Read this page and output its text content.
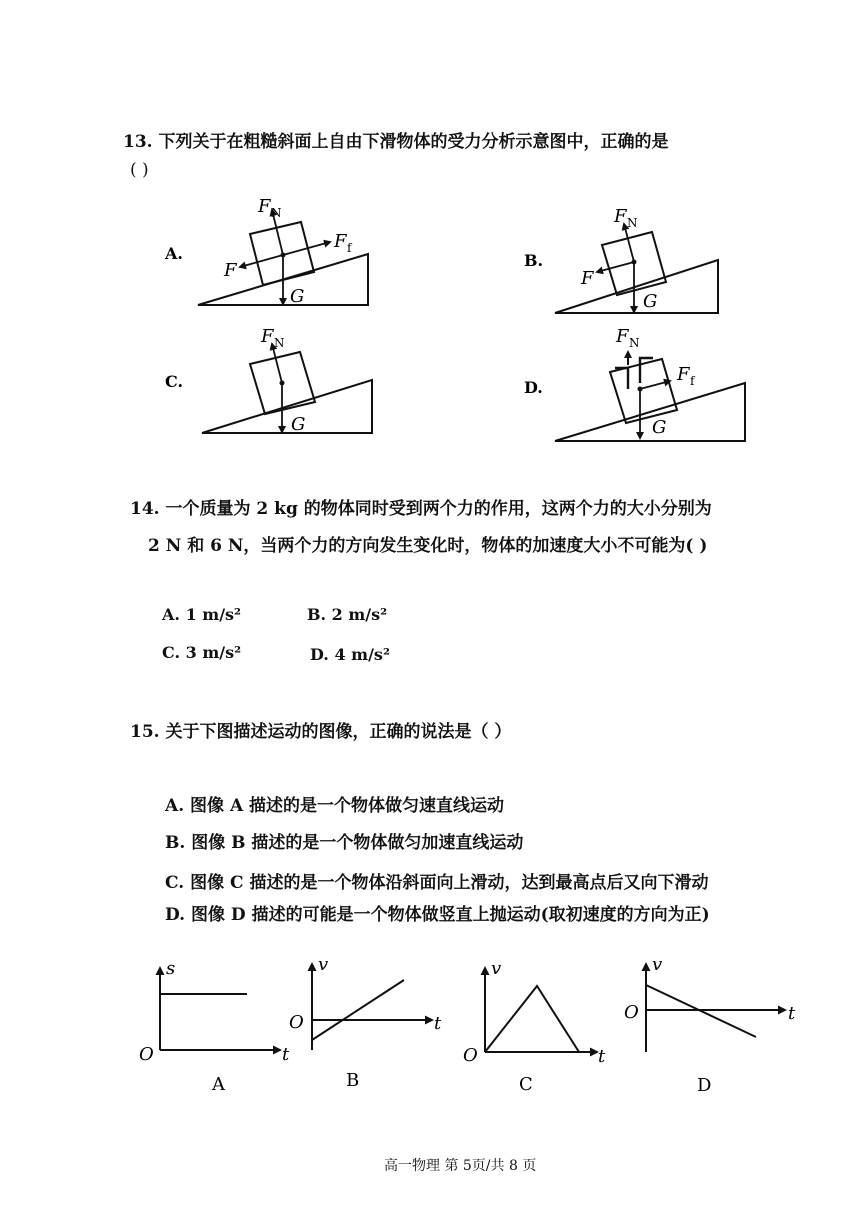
13. 下列关于在粗糙斜面上自由下滑物体的受力分析示意图中，正确的是
( )
A.
F N
F f
F
G
B.
F N
F
G
C.
F N
G
D.
F N
F f
G
14. 一个质量为 2 kg 的物体同时受到两个力的作用，这两个力的大小分别为
2 N 和 6 N，当两个力的方向发生变化时，物体的加速度大小不可能为( )
A. 1 m/s²	B. 2 m/s²
C. 3 m/s²	D. 4 m/s²
15. 关于下图描述运动的图像，正确的说法是（ ）
A. 图像 A 描述的是一个物体做匀速直线运动
B. 图像 B 描述的是一个物体做匀加速直线运动
C. 图像 C 描述的是一个物体沿斜面向上滑动，达到最高点后又向下滑动
D. 图像 D 描述的可能是一个物体做竖直上抛运动(取初速度的方向为正)
s
t
O
A
v
t
O
B
v
t
O
C
v
t
O
D
高一物理 第 5页/共 8 页
